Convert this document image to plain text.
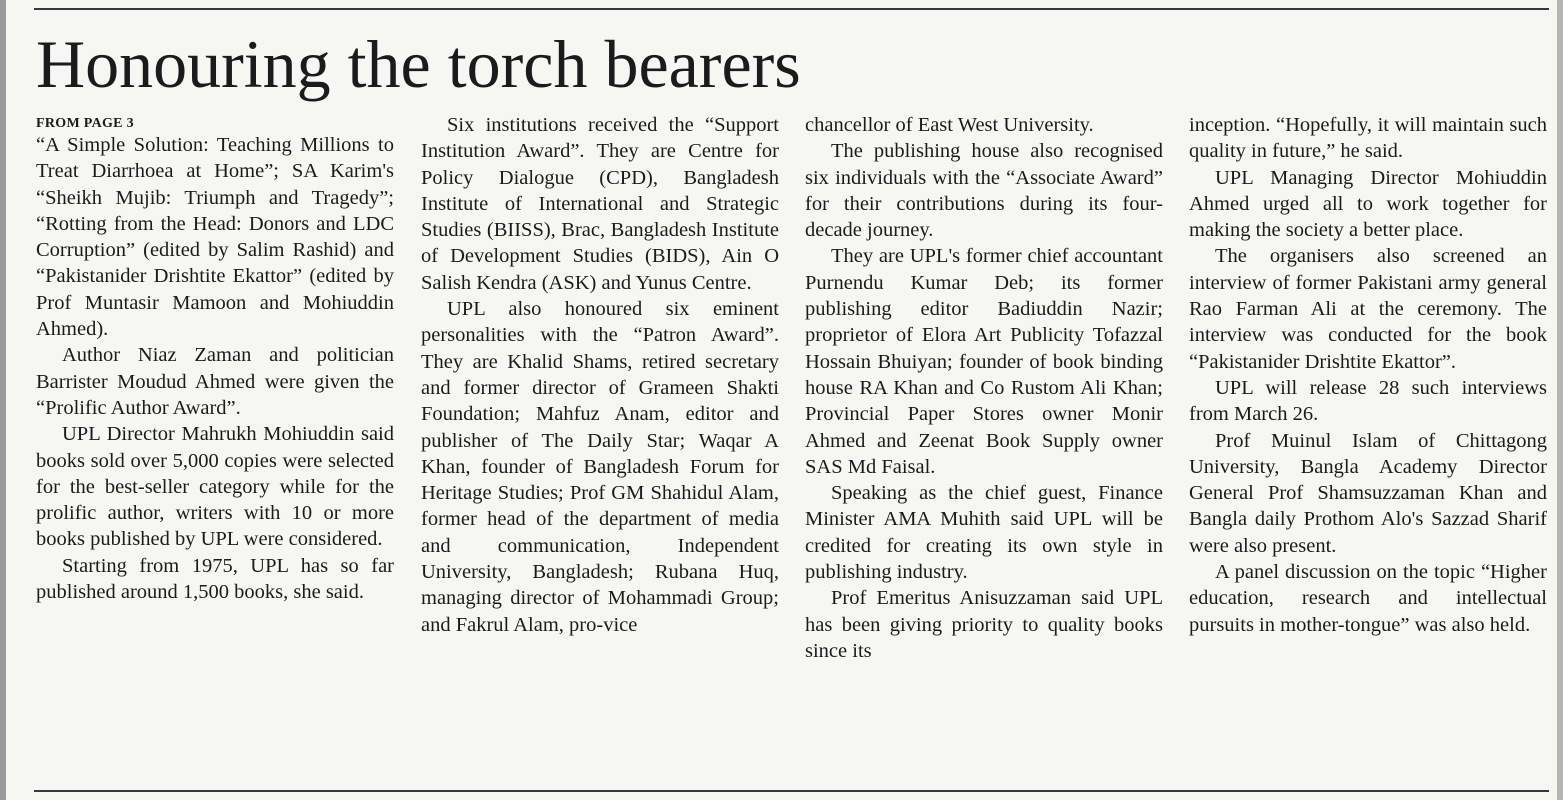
Honouring the torch bearers
FROM PAGE 3

“A Simple Solution: Teaching Millions to Treat Diarrhoea at Home”; SA Karim's “Sheikh Mujib: Triumph and Tragedy”; “Rotting from the Head: Donors and LDC Corruption” (edited by Salim Rashid) and “Pakistanider Drishtite Ekattor” (edited by Prof Muntasir Mamoon and Mohiuddin Ahmed).

Author Niaz Zaman and politician Barrister Moudud Ahmed were given the “Prolific Author Award”.

UPL Director Mahrukh Mohiuddin said books sold over 5,000 copies were selected for the best-seller category while for the prolific author, writers with 10 or more books published by UPL were considered.

Starting from 1975, UPL has so far published around 1,500 books, she said.

Six institutions received the “Support Institution Award”. They are Centre for Policy Dialogue (CPD), Bangladesh Institute of International and Strategic Studies (BIISS), Brac, Bangladesh Institute of Development Studies (BIDS), Ain O Salish Kendra (ASK) and Yunus Centre.

UPL also honoured six eminent personalities with the “Patron Award”. They are Khalid Shams, retired secretary and former director of Grameen Shakti Foundation; Mahfuz Anam, editor and publisher of The Daily Star; Waqar A Khan, founder of Bangladesh Forum for Heritage Studies; Prof GM Shahidul Alam, former head of the department of media and communication, Independent University, Bangladesh; Rubana Huq, managing director of Mohammadi Group; and Fakrul Alam, pro-vice

chancellor of East West University.

The publishing house also recognised six individuals with the “Associate Award” for their contributions during its four-decade journey.

They are UPL's former chief accountant Purnendu Kumar Deb; its former publishing editor Badiuddin Nazir; proprietor of Elora Art Publicity Tofazzal Hossain Bhuiyan; founder of book binding house RA Khan and Co Rustom Ali Khan; Provincial Paper Stores owner Monir Ahmed and Zeenat Book Supply owner SAS Md Faisal.

Speaking as the chief guest, Finance Minister AMA Muhith said UPL will be credited for creating its own style in publishing industry.

Prof Emeritus Anisuzzaman said UPL has been giving priority to quality books since its

inception. “Hopefully, it will maintain such quality in future,” he said.

UPL Managing Director Mohiuddin Ahmed urged all to work together for making the society a better place.

The organisers also screened an interview of former Pakistani army general Rao Farman Ali at the ceremony. The interview was conducted for the book “Pakistanider Drishtite Ekattor”.

UPL will release 28 such interviews from March 26.

Prof Muinul Islam of Chittagong University, Bangla Academy Director General Prof Shamsuzzaman Khan and Bangla daily Prothom Alo's Sazzad Sharif were also present.

A panel discussion on the topic “Higher education, research and intellectual pursuits in mother-tongue” was also held.
